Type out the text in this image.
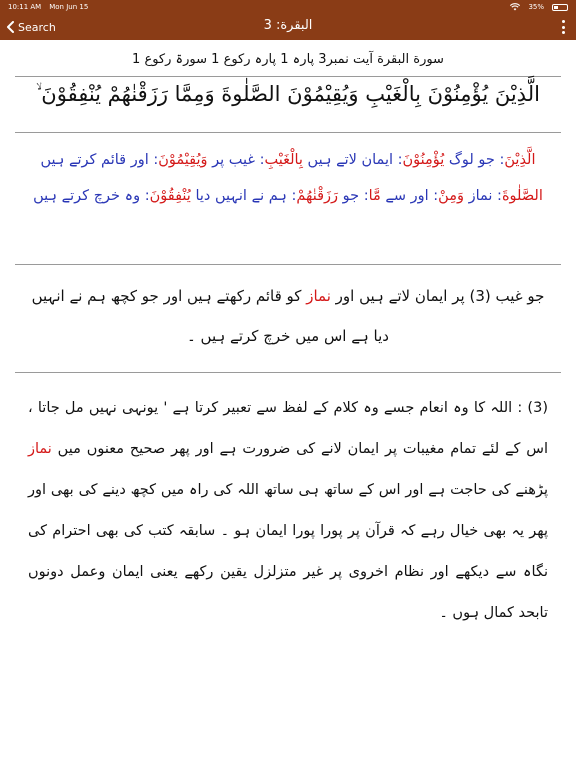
10:11 AM Mon Jun 15	35%
Search	البقرة: 3
سورة البقرة آیت نمبر3 پارہ 1 پارہ رکوع 1 سورۃ رکوع 1
الَّذِيْنَ يُؤْمِنُوْنَ بِالْغَيْبِ وَيُقِيْمُوْنَ الصَّلٰوةَ وَمِمَّا رَزَقْنٰھُمْ يُنْفِقُوْنَ ۙ
الَّذِيْنَ: جو لوگ يُؤْمِنُوْنَ: ایمان لاتے ہیں بِالْغَيْبِ: غیب پر وَيُقِيْمُوْنَ: اور قائم کرتے ہیں الصَّلٰوةَ: نماز وَمِنْ: اور سے مَّا: جو رَزَقْنٰھُمْ: ہم نے انہیں دیا يُنْفِقُوْنَ: وہ خرچ کرتے ہیں
جو غیب (3) پر ایمان لاتے ہیں اور نماز کو قائم رکھتے ہیں اور جو کچھ ہم نے انہیں دیا ہے اس میں خرچ کرتے ہیں ۔
(3) : اللہ کا وہ انعام جسے وہ کلام کے لفظ سے تعبیر کرتا ہے ' یونہی نہیں مل جاتا ، اس کے لئے تمام مغیبات پر ایمان لانے کی ضرورت ہے اور پھر صحیح معنوں میں نماز پڑھنے کی حاجت ہے اور اس کے ساتھ ہی ساتھ اللہ کی راہ میں کچھ دینے کی بھی اور پھر یہ بھی خیال رہے کہ قرآن پر پورا پورا ایمان ہو ۔ سابقہ کتب کی بھی احترام کی نگاہ سے دیکھے اور نظام اخروی پر غیر متزلزل یقین رکھے یعنی ایمان وعمل دونوں تابحد کمال ہوں ۔
